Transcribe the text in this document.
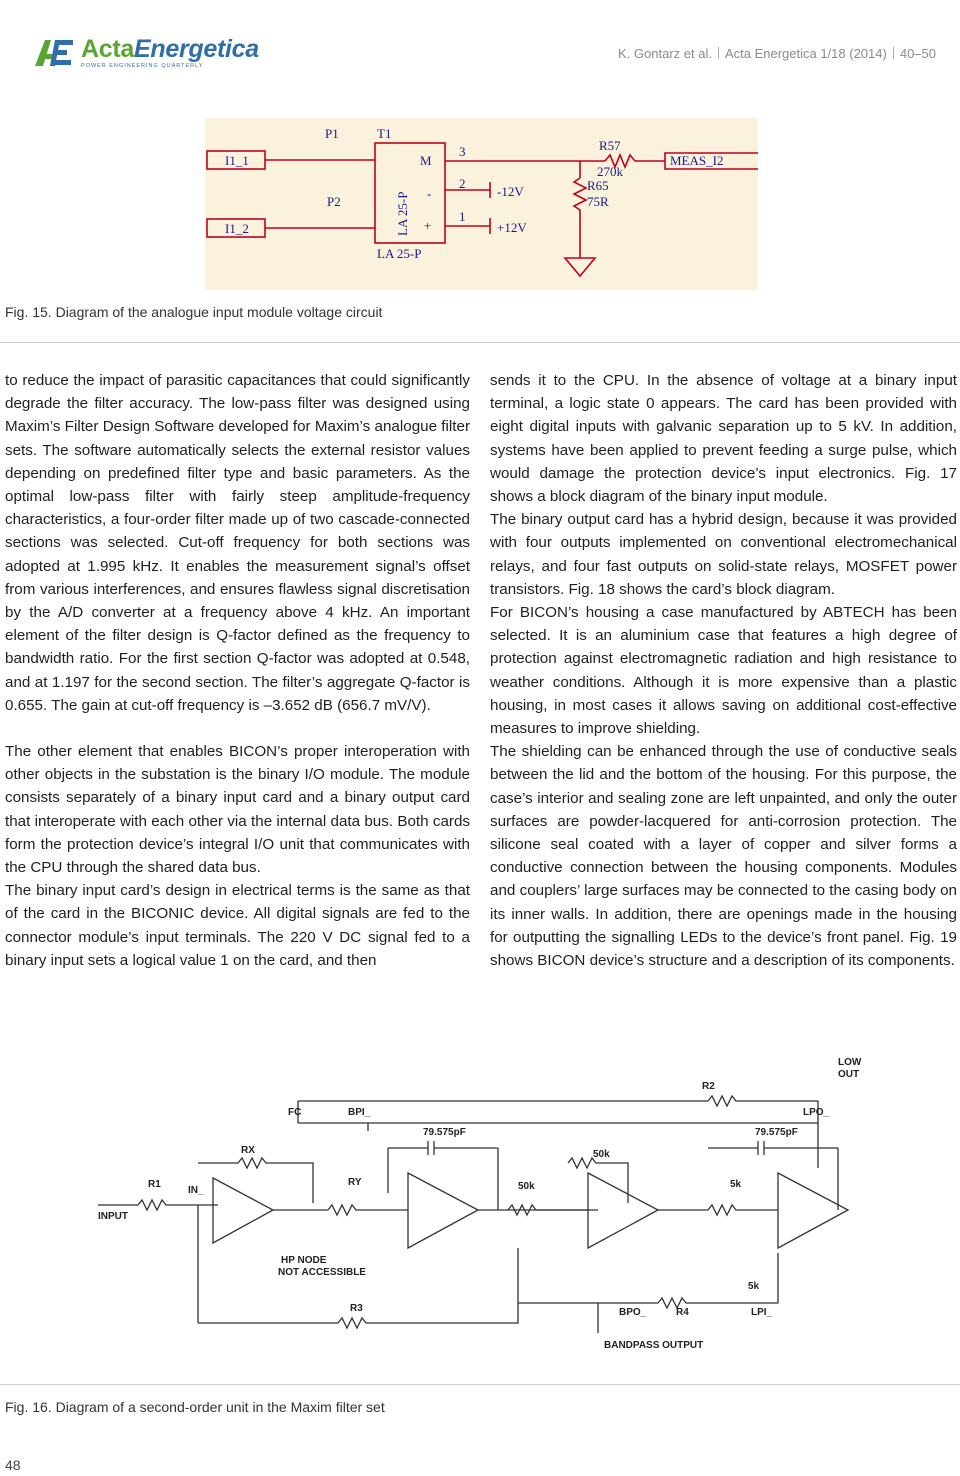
ActaEnergetica
POWER ENGINEERING QUARTERLY
K. Gontarz et al. Acta Energetica 1/18 (2014) 40–50
P1
P2
T1
I1_1
I1_2
M
-
+
LA 25-P
LA 25-P
3
2
1
-12V
+12V
R57
270k
R65
75R
MEAS_I2
Fig. 15. Diagram of the analogue input module voltage circuit

to reduce the impact of parasitic capacitances that could significantly degrade the filter accuracy. The low-pass filter was designed using Maxim’s Filter Design Software developed for Maxim’s analogue filter sets. The software automatically selects the external resistor values depending on predefined filter type and basic parameters. As the optimal low-pass filter with fairly steep amplitude-frequency characteristics, a four-order filter made up of two cascade-connected sections was selected. Cut-off frequency for both sections was adopted at 1.995 kHz. It enables the measurement signal’s offset from various interferences, and ensures flawless signal discretisation by the A/D converter at a frequency above 4 kHz. An important element of the filter design is Q-factor defined as the frequency to bandwidth ratio. For the first section Q-factor was adopted at 0.548, and at 1.197 for the second section. The filter’s aggregate Q-factor is 0.655. The gain at cut-off frequency is –3.652 dB (656.7 mV/V).

The other element that enables BICON’s proper interoperation with other objects in the substation is the binary I/O module. The module consists separately of a binary input card and a binary output card that interoperate with each other via the internal data bus. Both cards form the protection device’s integral I/O unit that communicates with the CPU through the shared data bus.

The binary input card’s design in electrical terms is the same as that of the card in the BICONIC device. All digital signals are fed to the connector module’s input terminals. The 220 V DC signal fed to a binary input sets a logical value 1 on the card, and then

sends it to the CPU. In the absence of voltage at a binary input terminal, a logic state 0 appears. The card has been provided with eight digital inputs with galvanic separation up to 5 kV. In addition, systems have been applied to prevent feeding a surge pulse, which would damage the protection device’s input electronics. Fig. 17 shows a block diagram of the binary input module.

The binary output card has a hybrid design, because it was provided with four outputs implemented on conventional electromechanical relays, and four fast outputs on solid-state relays, MOSFET power transistors. Fig. 18 shows the card’s block diagram.

For BICON’s housing a case manufactured by ABTECH has been selected. It is an aluminium case that features a high degree of protection against electromagnetic radiation and high resistance to weather conditions. Although it is more expensive than a plastic housing, in most cases it allows saving on additional cost-effective measures to improve shielding.

The shielding can be enhanced through the use of conductive seals between the lid and the bottom of the housing. For this purpose, the case’s interior and sealing zone are left unpainted, and only the outer surfaces are powder-lacquered for anti-corrosion protection. The silicone seal coated with a layer of copper and silver forms a conductive connection between the housing components. Modules and couplers’ large surfaces may be connected to the casing body on its inner walls. In addition, there are openings made in the housing for outputting the signalling LEDs to the device’s front panel. Fig. 19 shows BICON device’s structure and a description of its components.

LOW
OUT
R2
FC	BPI_	LPO_
RX
79.575pF
50k
79.575pF
R1
IN_
RY	50k	5k
INPUT
HP NODE
NOT ACCESSIBLE
R3	BPO_	R4	LPI_
5k
BANDPASS OUTPUT
Fig. 16. Diagram of a second-order unit in the Maxim filter set
48
